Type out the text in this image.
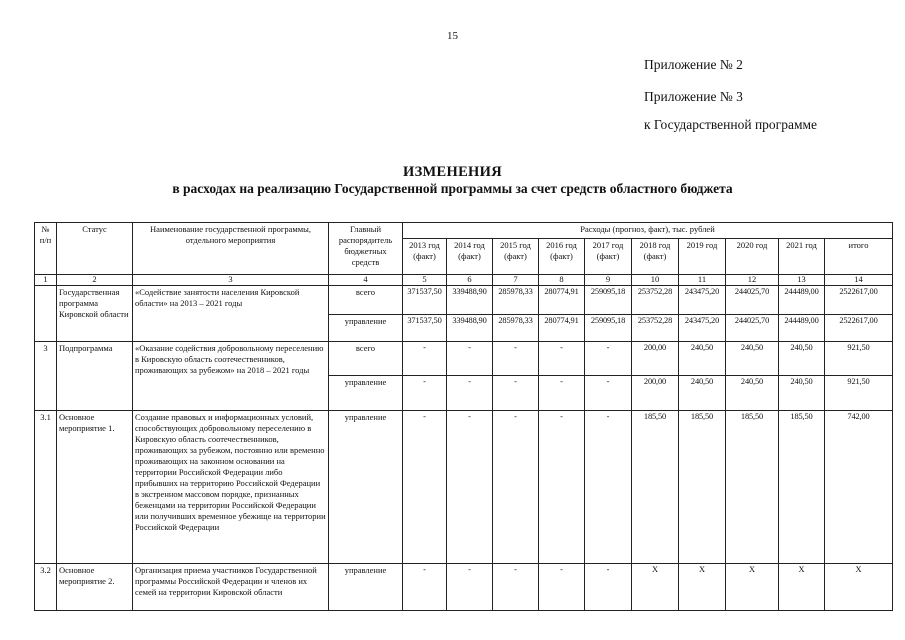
15
Приложение № 2
Приложение № 3
к Государственной программе
ИЗМЕНЕНИЯ
в расходах на реализацию Государственной программы за счет средств областного бюджета
№ п/п	Статус	Наименование государственной программы, отдельного мероприятия	Главный распорядитель бюджетных средств	Расходы (прогноз, факт), тыс. рублей									
				2013 год (факт)	2014 год (факт)	2015 год (факт)	2016 год (факт)	2017 год (факт)	2018 год (факт)	2019 год	2020 год	2021 год	итого
1	2	3	4	5	6	7	8	9	10	11	12	13	14
	Государственная программа Кировской области	«Содействие занятости населения Кировской области» на 2013 – 2021 годы	всего	371537,50	339488,90	285978,33	280774,91	259095,18	253752,28	243475,20	244025,70	244489,00	2522617,00
			управление	371537,50	339488,90	285978,33	280774,91	259095,18	253752,28	243475,20	244025,70	244489,00	2522617,00
3	Подпрограмма	«Оказание содействия добровольному переселению в Кировскую область соотечественников, проживающих за рубежом» на 2018 – 2021 годы	всего	-	-	-	-	-	200,00	240,50	240,50	240,50	921,50
			управление	-	-	-	-	-	200,00	240,50	240,50	240,50	921,50
3.1	Основное мероприятие 1.	Создание правовых и информационных условий, способствующих добровольному переселению в Кировскую область соотечественников, проживающих за рубежом, постоянно или временно проживающих на законном основании на территории Российской Федерации либо прибывших на территорию Российской Федерации в экстренном массовом порядке, признанных беженцами на территории Российской Федерации или получивших временное убежище на территории Российской Федерации	управление	-	-	-	-	-	185,50	185,50	185,50	185,50	742,00
3.2	Основное мероприятие 2.	Организация приема участников Государственной программы Российской Федерации и членов их семей на территории Кировской области	управление	-	-	-	-	-	X	X	X	X	X
